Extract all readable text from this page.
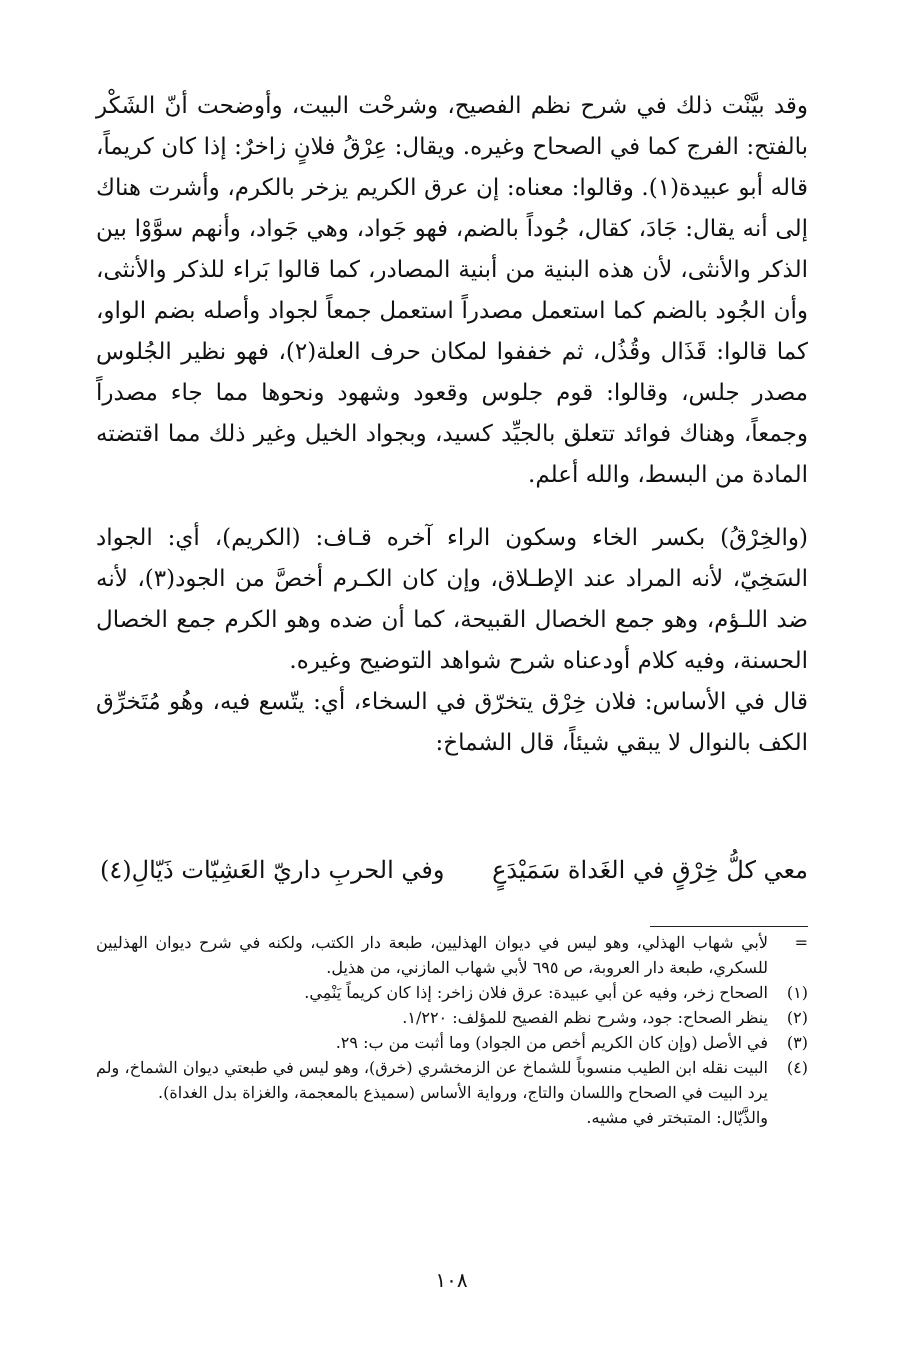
وقد بيَّنْت ذلك في شرح نظم الفصيح، وشرحْت البيت، وأوضحت أنّ الشَكْر بالفتح: الفرج كما في الصحاح وغيره. ويقال: عِرْقُ فلانٍ زاخرٌ: إذا كان كريماً، قاله أبو عبيدة(١). وقالوا: معناه: إن عرق الكريم يزخر بالكرم، وأشرت هناك إلى أنه يقال: جَادَ، كقال، جُوداً بالضم، فهو جَواد، وهي جَواد، وأنهم سوَّوْا بين الذكر والأنثى، لأن هذه البنية من أبنية المصادر، كما قالوا بَراء للذكر والأنثى، وأن الجُود بالضم كما استعمل مصدراً استعمل جمعاً لجواد وأصله بضم الواو، كما قالوا: قَذَال وقُذُل، ثم خففوا لمكان حرف العلة(٢)، فهو نظير الجُلوس مصدر جلس، وقالوا: قوم جلوس وقعود وشهود ونحوها مما جاء مصدراً وجمعاً، وهناك فوائد تتعلق بالجيِّد كسيد، وبجواد الخيل وغير ذلك مما اقتضته المادة من البسط، والله أعلم.

(والخِرْقُ) بكسر الخاء وسكون الراء آخره قـاف: (الكريم)، أي: الجواد السَخِيّ، لأنه المراد عند الإطـلاق، وإن كان الكـرم أخصَّ من الجود(٣)، لأنه ضد اللـؤم، وهو جمع الخصال القبيحة، كما أن ضده وهو الكرم جمع الخصال الحسنة، وفيه كلام أودعناه شرح شواهد التوضيح وغيره.

قال في الأساس: فلان خِرْق يتخرّق في السخاء، أي: يتّسع فيه، وهُو مُتَخرِّق الكف بالنوال لا يبقي شيئاً، قال الشماخ:

معي كلُّ خِرْقٍ في الغَداة سَمَيْدَعٍ
وفي الحربِ داريّ العَشِيّات ذَيّالِ(٤)
=
لأبي شهاب الهذلي، وهو ليس في ديوان الهذليين، طبعة دار الكتب، ولكنه في شرح ديوان الهذليين للسكري، طبعة دار العروبة، ص ٦٩٥ لأبي شهاب المازني، من هذيل.
(١)
الصحاح زخر، وفيه عن أبي عبيدة: عرق فلان زاخر: إذا كان كريماً يَنْمِي.
(٢)
ينظر الصحاح: جود، وشرح نظم الفصيح للمؤلف: ١/٢٢٠.
(٣)
في الأصل (وإن كان الكريم أخص من الجواد) وما أثبت من ب: ٢٩.
(٤)
البيت نقله ابن الطيب منسوباً للشماخ عن الزمخشري (خرق)، وهو ليس في طبعتي ديوان الشماخ، ولم يرد البيت في الصحاح واللسان والتاج، ورواية الأساس (سميذع بالمعجمة، والغزاة بدل الغداة).
والذَّيّال: المتبختر في مشيه.
١٠٨
